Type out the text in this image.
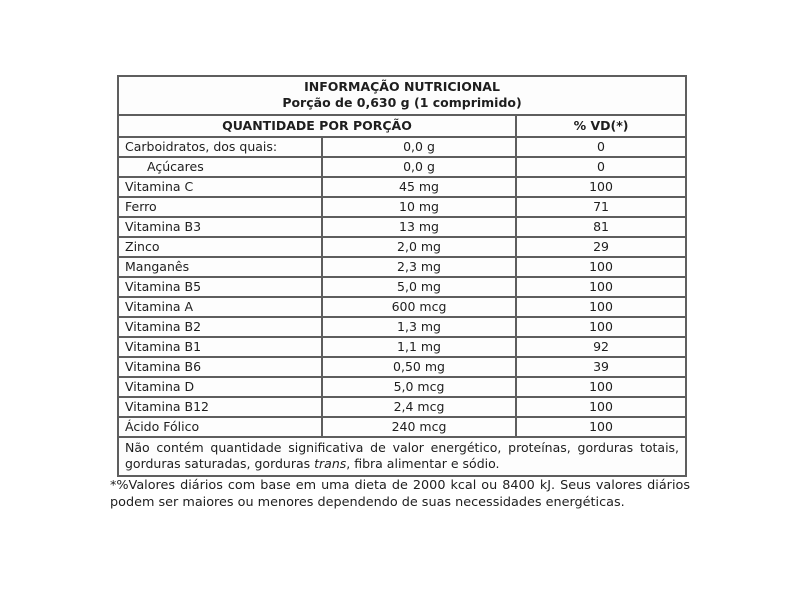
INFORMAÇÃO NUTRICIONAL
Porção de 0,630 g (1 comprimido)		

QUANTIDADE POR PORÇÃO		% VD(*)
Carboidratos, dos quais:	0,0 g	0
Açúcares	0,0 g	0
Vitamina C	45 mg	100
Ferro	10 mg	71
Vitamina B3	13 mg	81
Zinco	2,0 mg	29
Manganês	2,3 mg	100
Vitamina B5	5,0 mg	100
Vitamina A	600 mcg	100
Vitamina B2	1,3 mg	100
Vitamina B1	1,1 mg	92
Vitamina B6	0,50 mg	39
Vitamina D	5,0 mcg	100
Vitamina B12	2,4 mcg	100
Ácido Fólico	240 mcg	100
Não contém quantidade significativa de valor energético, proteínas, gorduras totais, gorduras saturadas, gorduras trans, fibra alimentar e sódio.		
*%Valores diários com base em uma dieta de 2000 kcal ou 8400 kJ. Seus valores diários podem ser maiores ou menores dependendo de suas necessidades energéticas.
